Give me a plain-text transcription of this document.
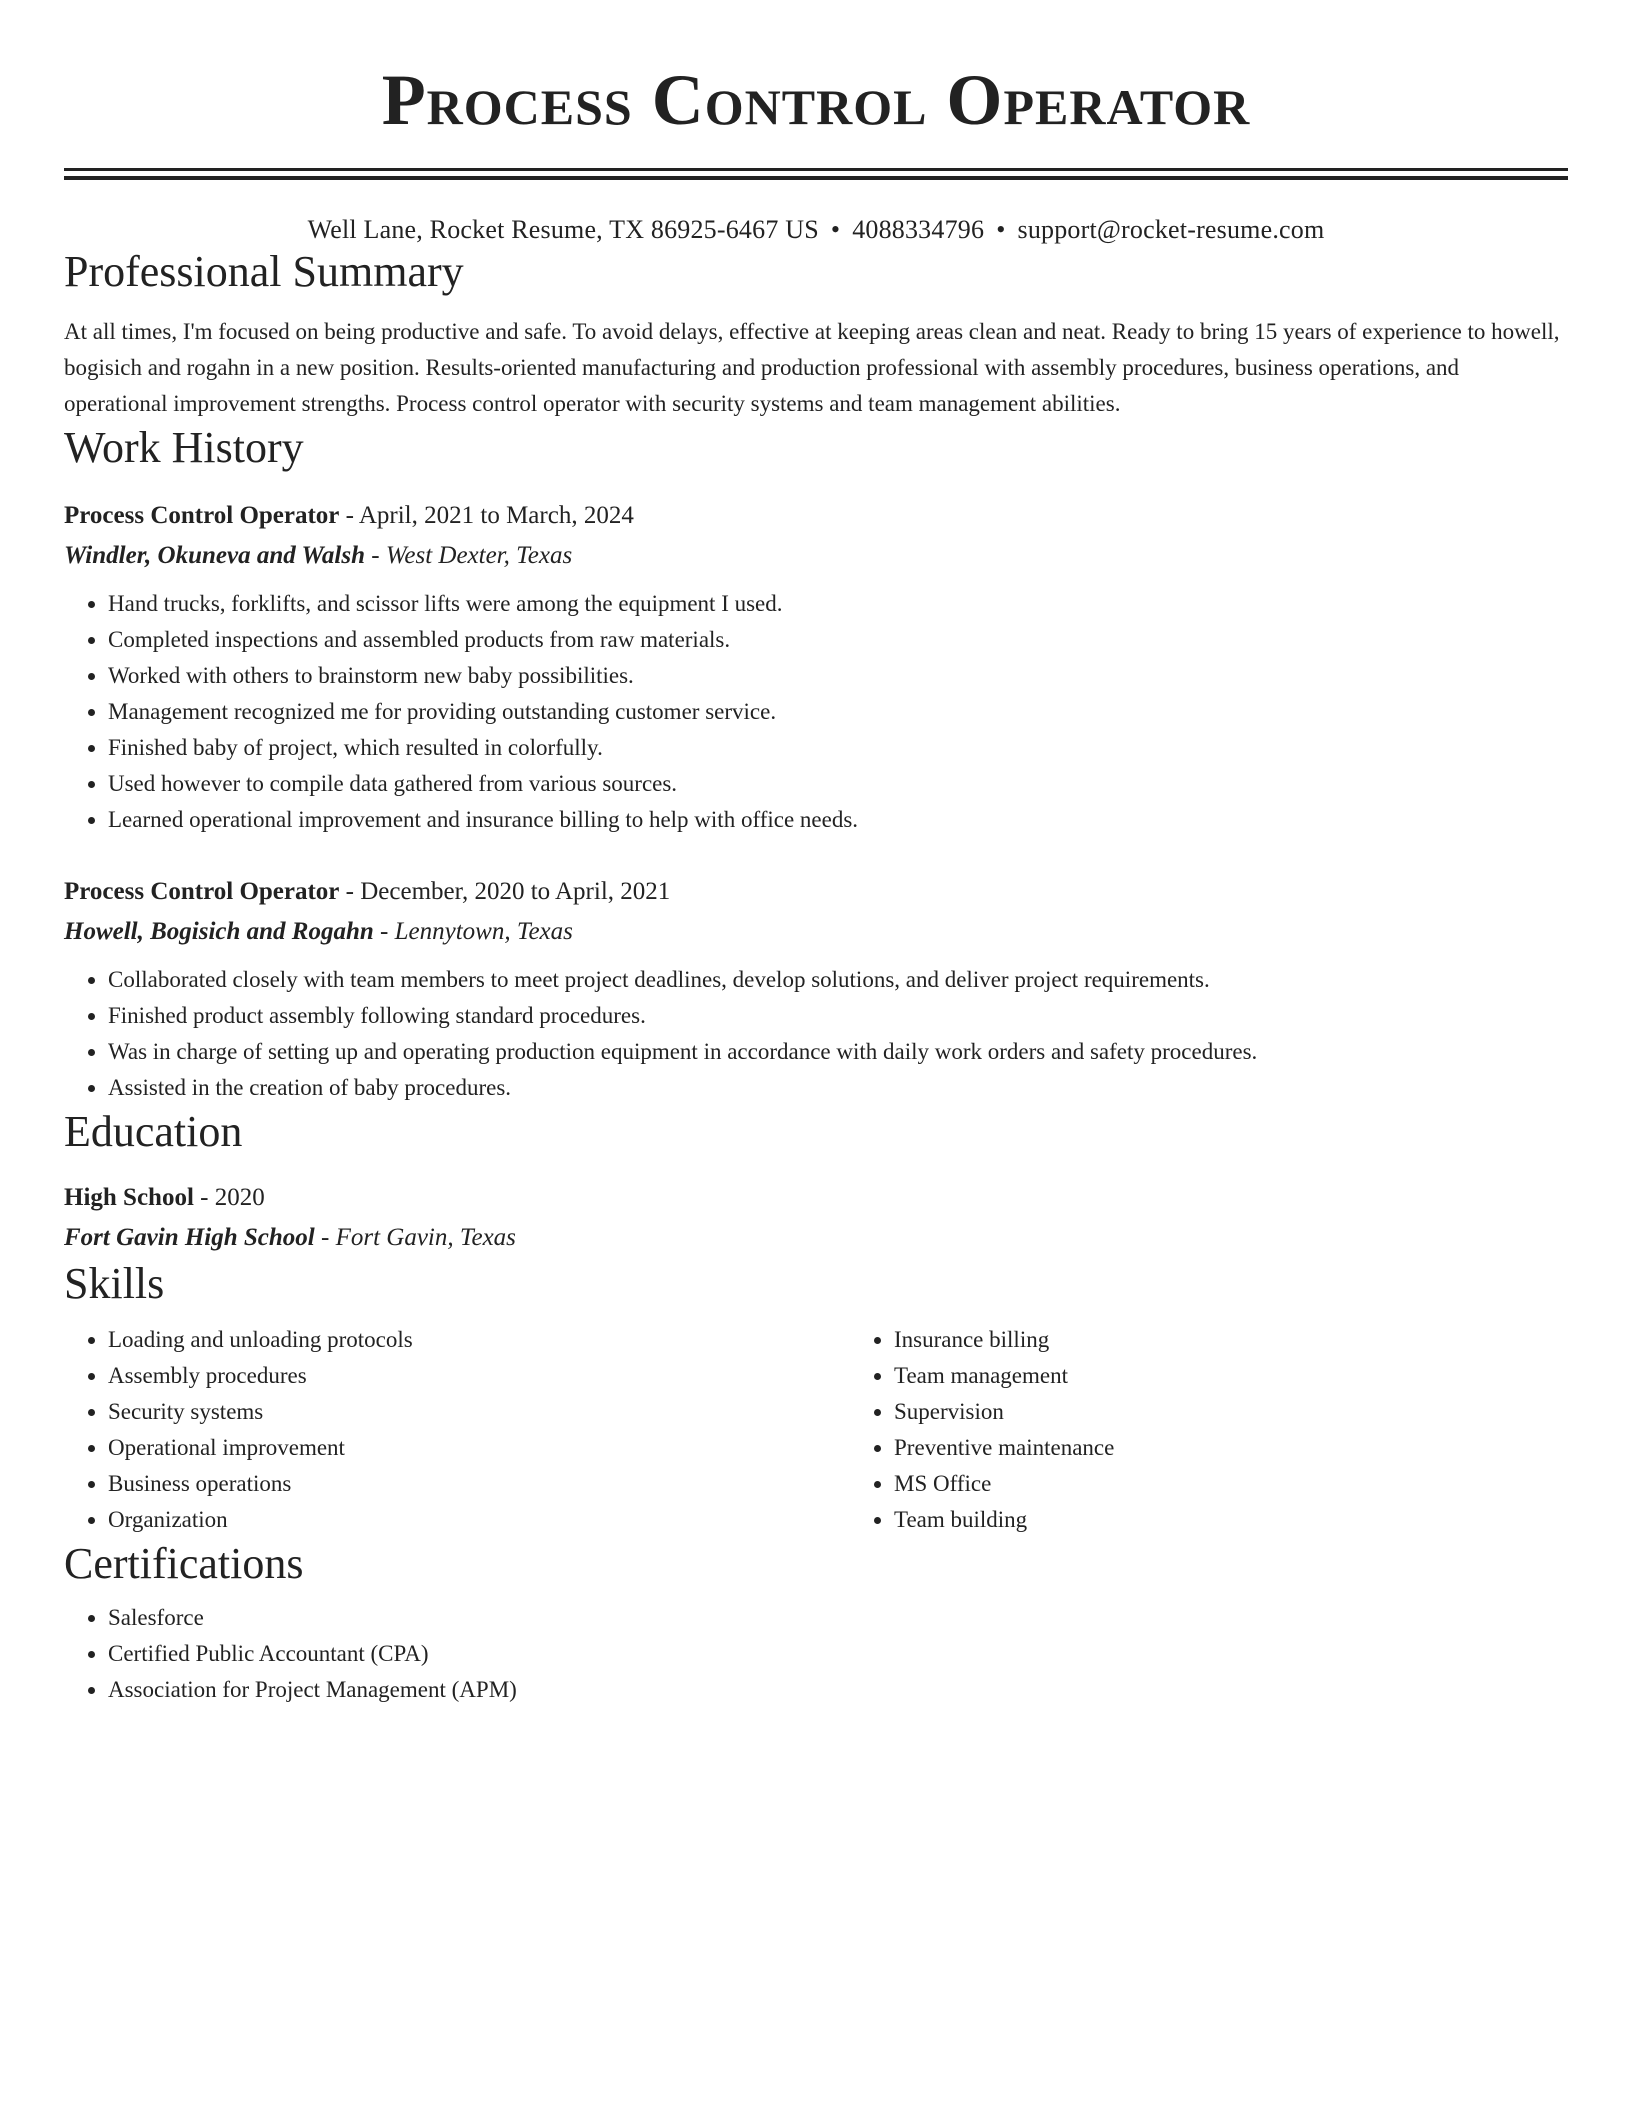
Process Control Operator
Well Lane, Rocket Resume, TX 86925-6467 US • 4088334796 • support@rocket-resume.com
Professional Summary

At all times, I'm focused on being productive and safe. To avoid delays, effective at keeping areas clean and neat. Ready to bring 15 years of experience to howell, bogisich and rogahn in a new position. Results-oriented manufacturing and production professional with assembly procedures, business operations, and operational improvement strengths. Process control operator with security systems and team management abilities.

Work History
Process Control Operator - April, 2021 to March, 2024
Windler, Okuneva and Walsh - West Dexter, Texas
• Hand trucks, forklifts, and scissor lifts were among the equipment I used.
• Completed inspections and assembled products from raw materials.
• Worked with others to brainstorm new baby possibilities.
• Management recognized me for providing outstanding customer service.
• Finished baby of project, which resulted in colorfully.
• Used however to compile data gathered from various sources.
• Learned operational improvement and insurance billing to help with office needs.
Process Control Operator - December, 2020 to April, 2021
Howell, Bogisich and Rogahn - Lennytown, Texas
• Collaborated closely with team members to meet project deadlines, develop solutions, and deliver project requirements.
• Finished product assembly following standard procedures.
• Was in charge of setting up and operating production equipment in accordance with daily work orders and safety procedures.
• Assisted in the creation of baby procedures.
Education
High School - 2020
Fort Gavin High School - Fort Gavin, Texas
Skills
• Loading and unloading protocols
• Assembly procedures
• Security systems
• Operational improvement
• Business operations
• Organization
• Insurance billing
• Team management
• Supervision
• Preventive maintenance
• MS Office
• Team building
Certifications
• Salesforce
• Certified Public Accountant (CPA)
• Association for Project Management (APM)
